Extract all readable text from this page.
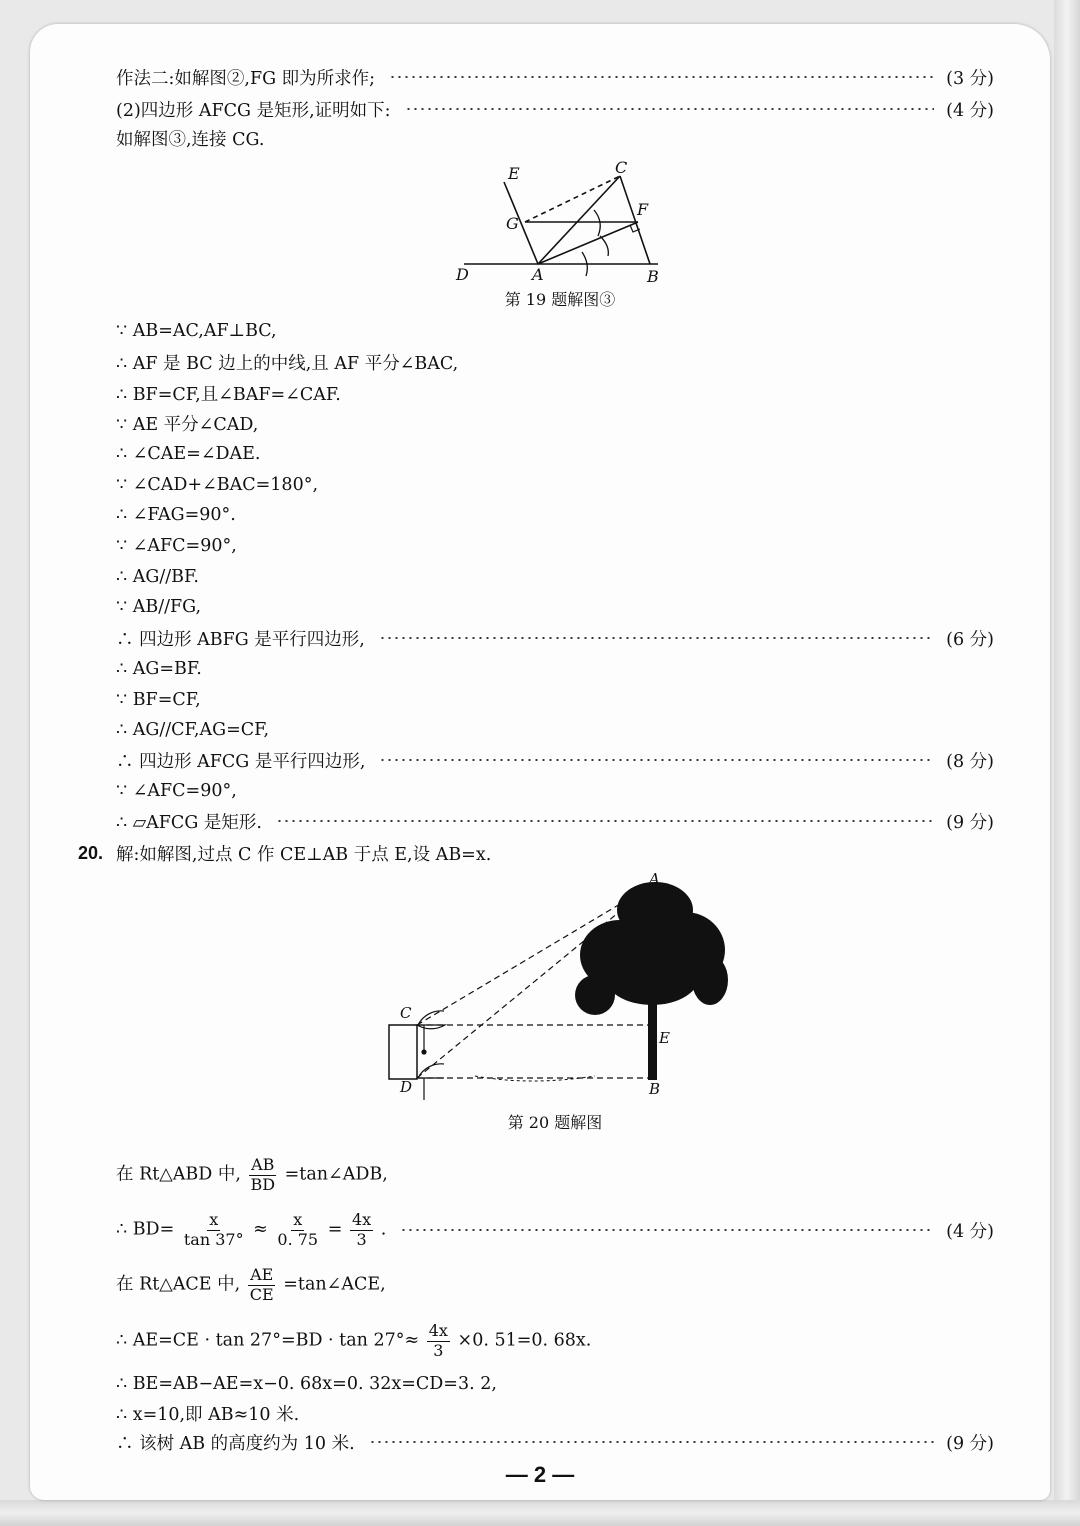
作法二:如解图②,FG 即为所求作;	(3 分)
(2)四边形 AFCG 是矩形,证明如下:	(4 分)
如解图③,连接 CG.
E	C
G
F
D	A	B
第 19 题解图③
∵ AB=AC,AF⊥BC,
∴ AF 是 BC 边上的中线,且 AF 平分∠BAC,
∴ BF=CF,且∠BAF=∠CAF.
∵ AE 平分∠CAD,
∴ ∠CAE=∠DAE.
∵ ∠CAD+∠BAC=180°,
∴ ∠FAG=90°.
∵ ∠AFC=90°,
∴ AG//BF.
∵ AB//FG,
∴ 四边形 ABFG 是平行四边形,	(6 分)
∴ AG=BF.
∵ BF=CF,
∴ AG//CF,AG=CF,
∴ 四边形 AFCG 是平行四边形,	(8 分)
∵ ∠AFC=90°,
∴ ▱AFCG 是矩形.	(9 分)
20. 解:如解图,过点 C 作 CE⊥AB 于点 E,设 AB=x.
A
C
D
E
B
第 20 题解图
在 Rt△ABD 中, $\frac{AB}{BD}$ =tan∠ADB,
∴ $BD= \frac{x}{\tan 37^\circ} \approx \frac{x}{0. 75} = \frac{4x}{3}$ .	(4 分)
在 Rt△ACE 中, $\frac{AE}{CE}$ =tan∠ACE,
∴ $AE=CE \cdot \tan 27^\circ=BD \cdot \tan 27^\circ\approx \frac{4x}{3} \times 0$. 51=0. 68x.
∴ BE=AB−AE=x−0. 68x=0. 32x=CD=3. 2,
∴ x=10,即 AB≈10 米.
∴ 该树 AB 的高度约为 10 米.	(9 分)
— 2 —
